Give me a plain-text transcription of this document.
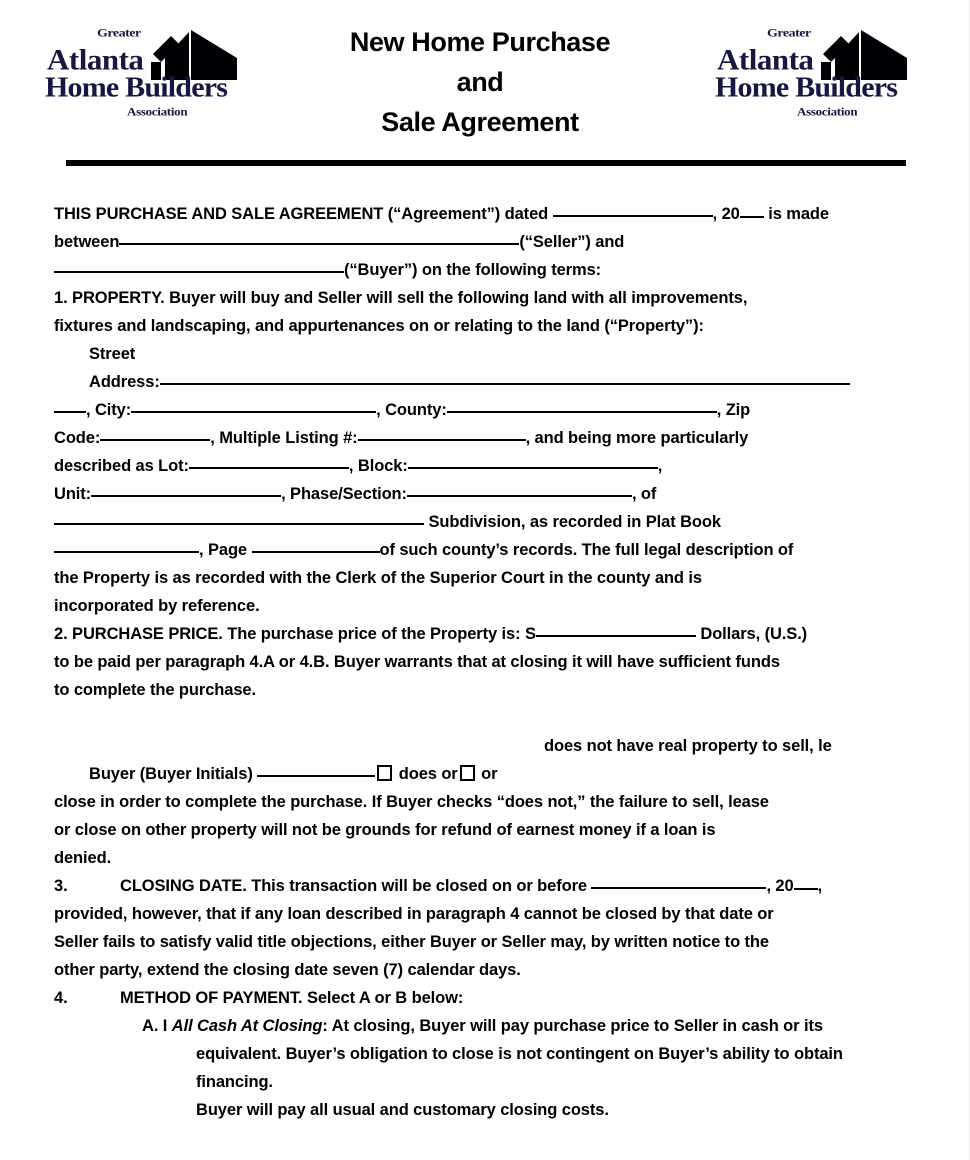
Greater
Atlanta
Home Builders
Association
New Home Purchase
and
Sale Agreement
Greater
Atlanta
Home Builders
Association
THIS PURCHASE AND SALE AGREEMENT (“Agreement”) dated	, 20 is made
between	(“Seller”) and
(“Buyer”) on the following terms:
1. PROPERTY. Buyer will buy and Seller will sell the following land with all improvements,
fixtures and landscaping, and appurtenances on or relating to the land (“Property”):
Street
Address:
, City:	, County:	, Zip
Code:	, Multiple Listing #:	, and being more particularly
described as Lot:	, Block:	,
Unit:	, Phase/Section:	, of
Subdivision, as recorded in Plat Book
, Page	of such county’s records. The full legal description of
the Property is as recorded with the Clerk of the Superior Court in the county and is
incorporated by reference.
2. PURCHASE PRICE. The purchase price of the Property is: S	Dollars, (U.S.)
to be paid per paragraph 4.A or 4.B. Buyer warrants that at closing it will have sufficient funds
to complete the purchase.
does not have real property to sell, le
Buyer (Buyer Initials)	does or or
close in order to complete the purchase. If Buyer checks “does not,” the failure to sell, lease
or close on other property will not be grounds for refund of earnest money if a loan is
denied.
3.	CLOSING DATE. This transaction will be closed on or before	, 20 ,
provided, however, that if any loan described in paragraph 4 cannot be closed by that date or
Seller fails to satisfy valid title objections, either Buyer or Seller may, by written notice to the
other party, extend the closing date seven (7) calendar days.
4.	METHOD OF PAYMENT. Select A or B below:
A. I All Cash At Closing: At closing, Buyer will pay purchase price to Seller in cash or its
equivalent. Buyer’s obligation to close is not contingent on Buyer’s ability to obtain
financing.
Buyer will pay all usual and customary closing costs.
